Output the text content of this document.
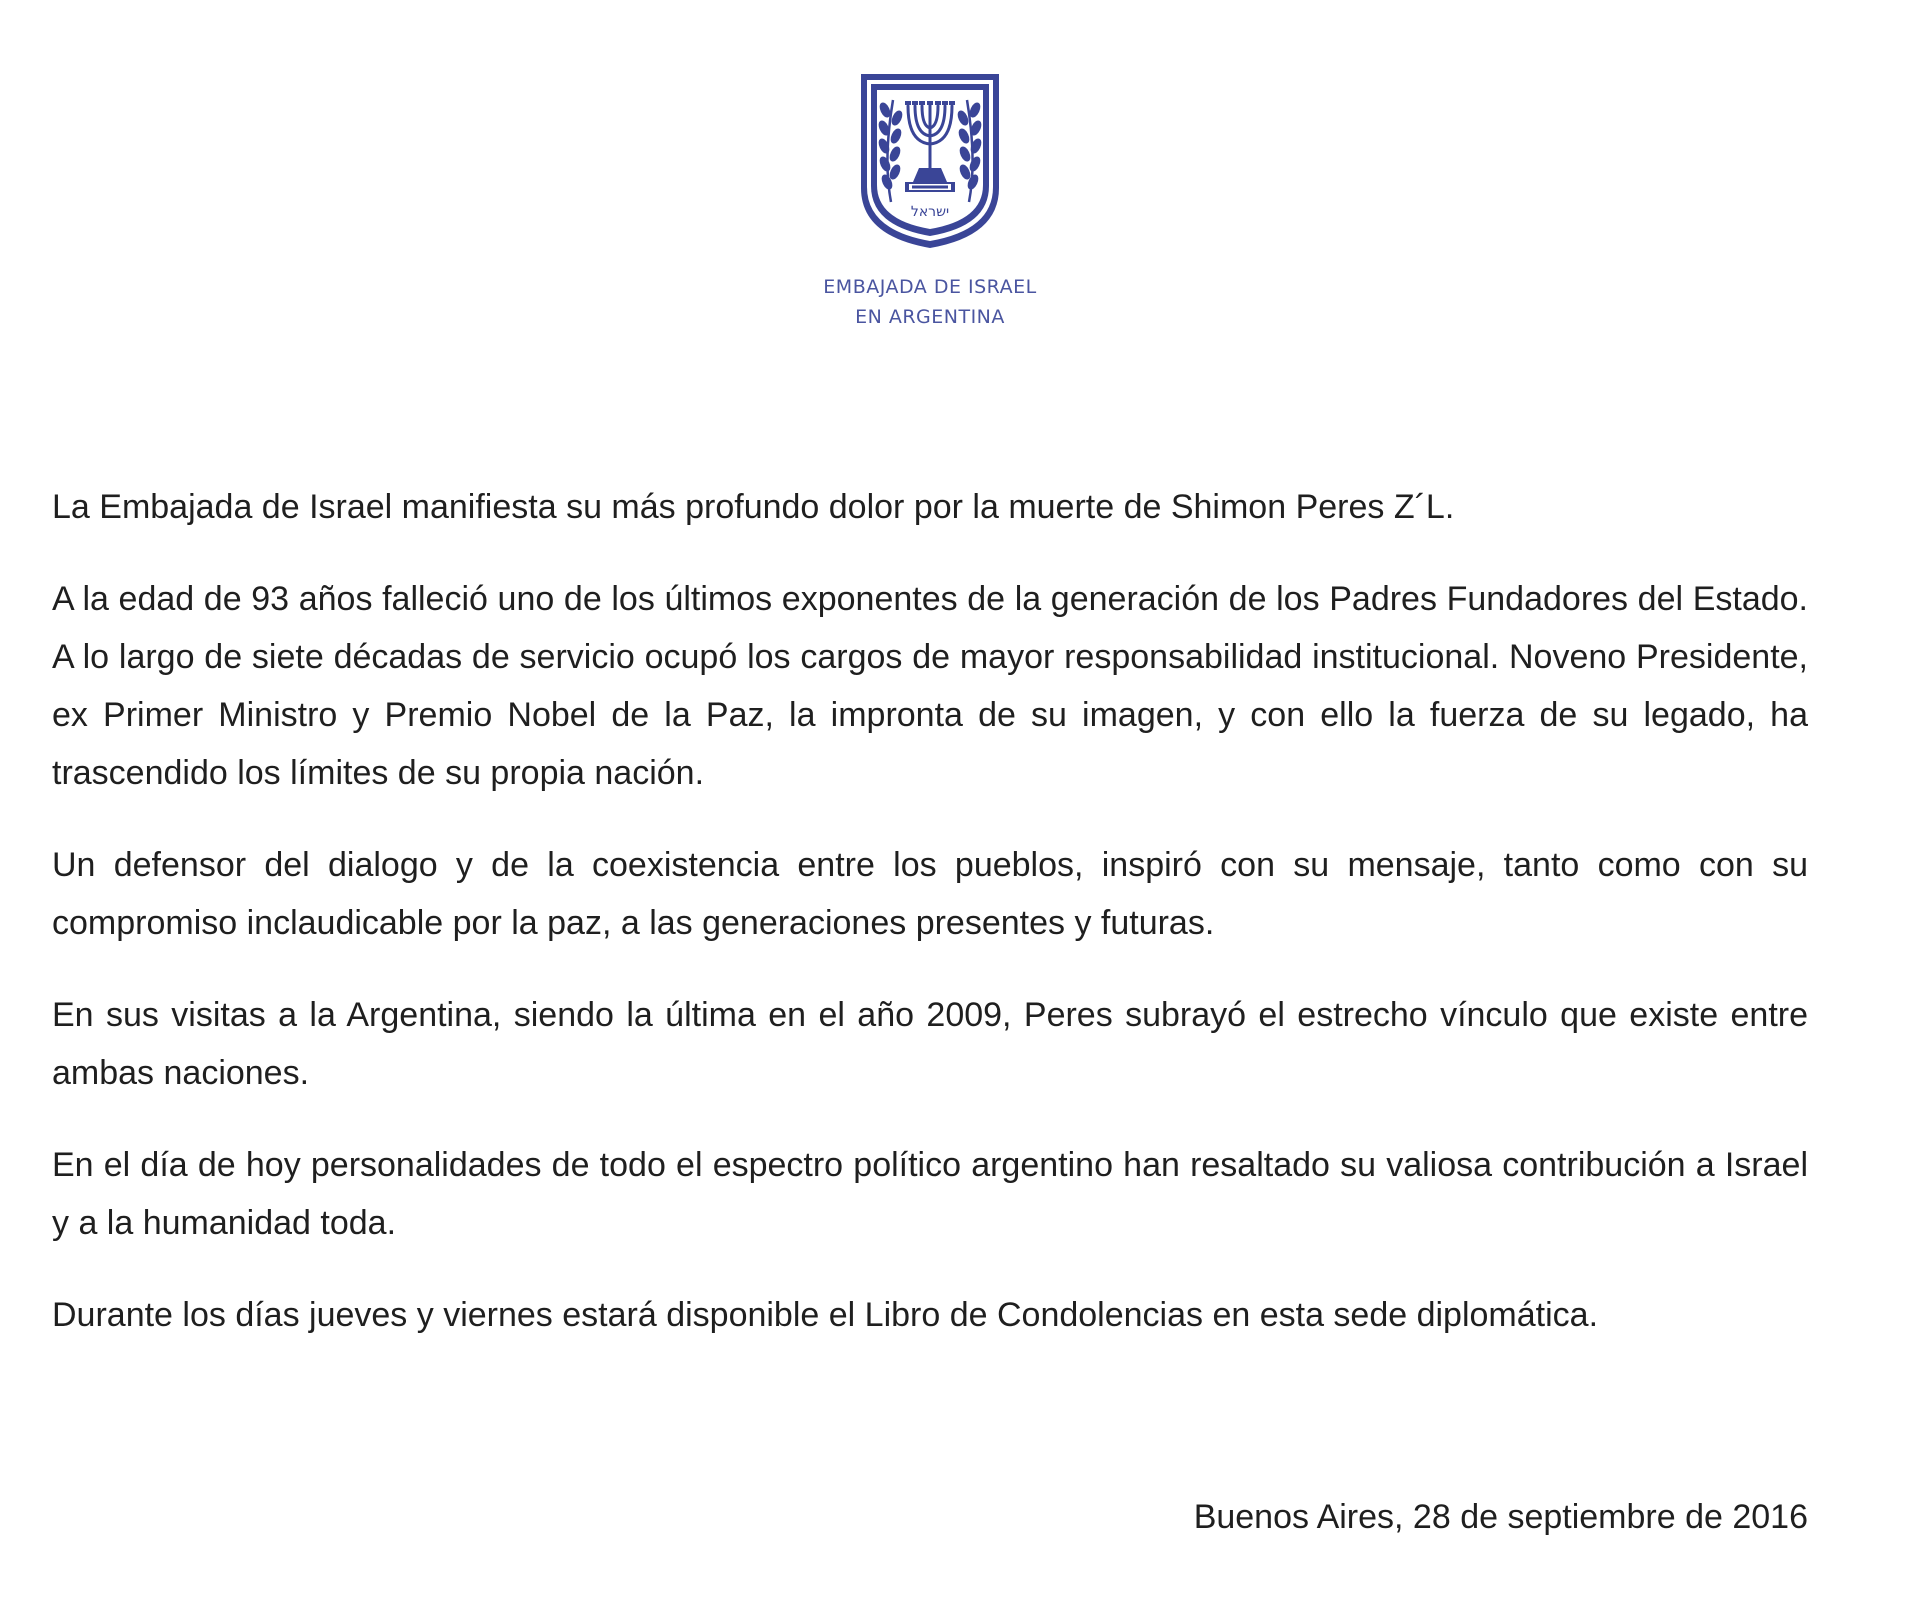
ישראל
EMBAJADA DE ISRAEL
EN ARGENTINA

La Embajada de Israel manifiesta su más profundo dolor por la muerte de Shimon Peres Z´L.

A la edad de 93 años falleció uno de los últimos exponentes de la generación de los Padres Fundadores del Estado. A lo largo de siete décadas de servicio ocupó los cargos de mayor responsabilidad institucional. Noveno Presidente, ex Primer Ministro y Premio Nobel de la Paz, la impronta de su imagen, y con ello la fuerza de su legado, ha trascendido los límites de su propia nación.

Un defensor del dialogo y de la coexistencia entre los pueblos, inspiró con su mensaje, tanto como con su compromiso inclaudicable por la paz, a las generaciones presentes y futuras.

En sus visitas a la Argentina, siendo la última en el año 2009, Peres subrayó el estrecho vínculo que existe entre ambas naciones.

En el día de hoy personalidades de todo el espectro político argentino han resaltado su valiosa contribución a Israel y a la humanidad toda.

Durante los días jueves y viernes estará disponible el Libro de Condolencias en esta sede diplomática.

Buenos Aires, 28 de septiembre de 2016
